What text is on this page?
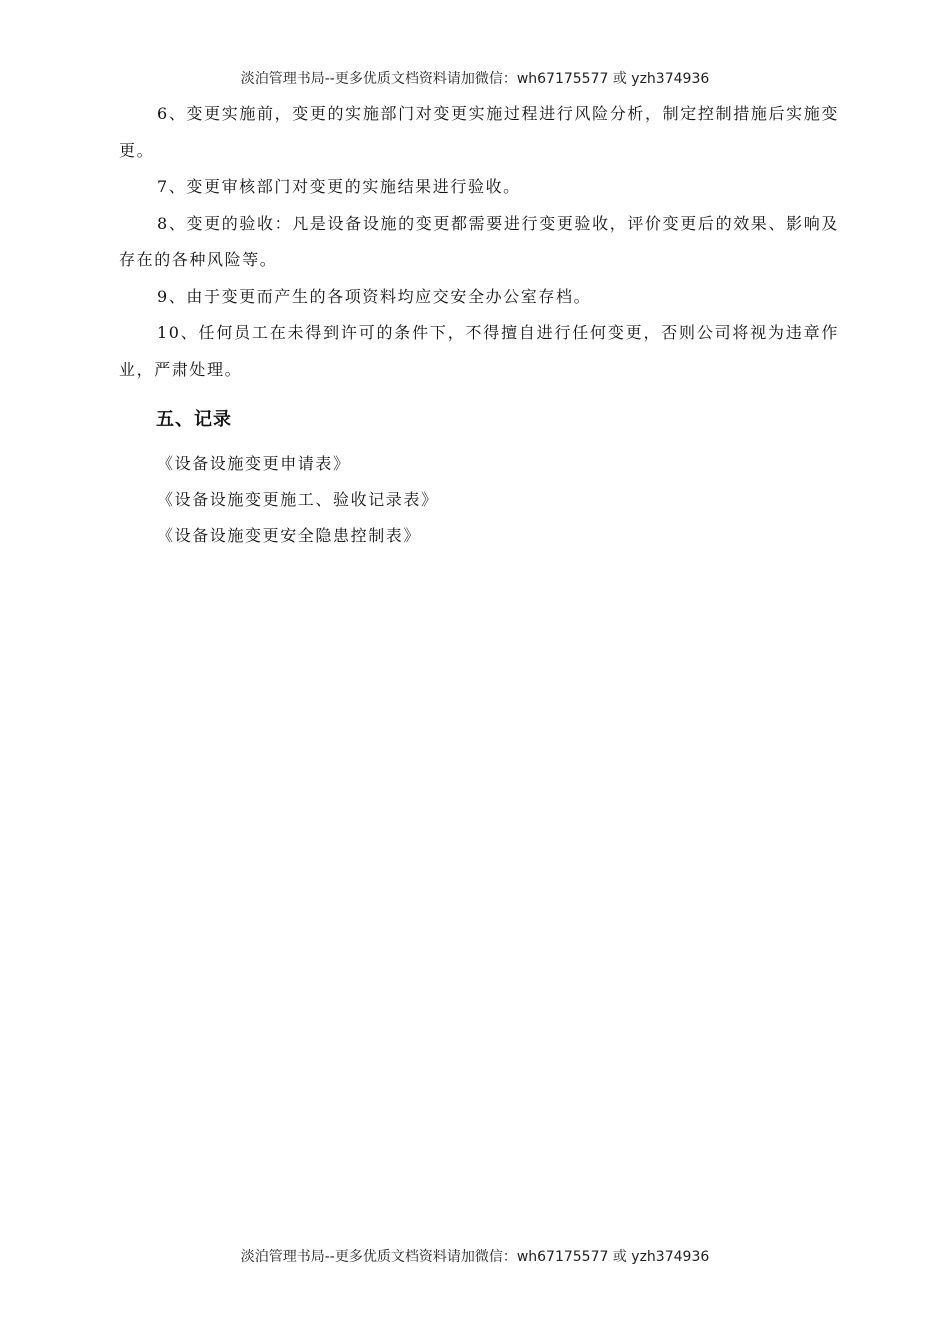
淡泊管理书局--更多优质文档资料请加微信：wh67175577 或 yzh374936

6、变更实施前，变更的实施部门对变更实施过程进行风险分析，制定控制措施后实施变更。

7、变更审核部门对变更的实施结果进行验收。

8、变更的验收：凡是设备设施的变更都需要进行变更验收，评价变更后的效果、影响及存在的各种风险等。

9、由于变更而产生的各项资料均应交安全办公室存档。

10、任何员工在未得到许可的条件下，不得擅自进行任何变更，否则公司将视为违章作业，严肃处理。

五、记录
《设备设施变更申请表》
《设备设施变更施工、验收记录表》
《设备设施变更安全隐患控制表》
淡泊管理书局--更多优质文档资料请加微信：wh67175577 或 yzh374936
